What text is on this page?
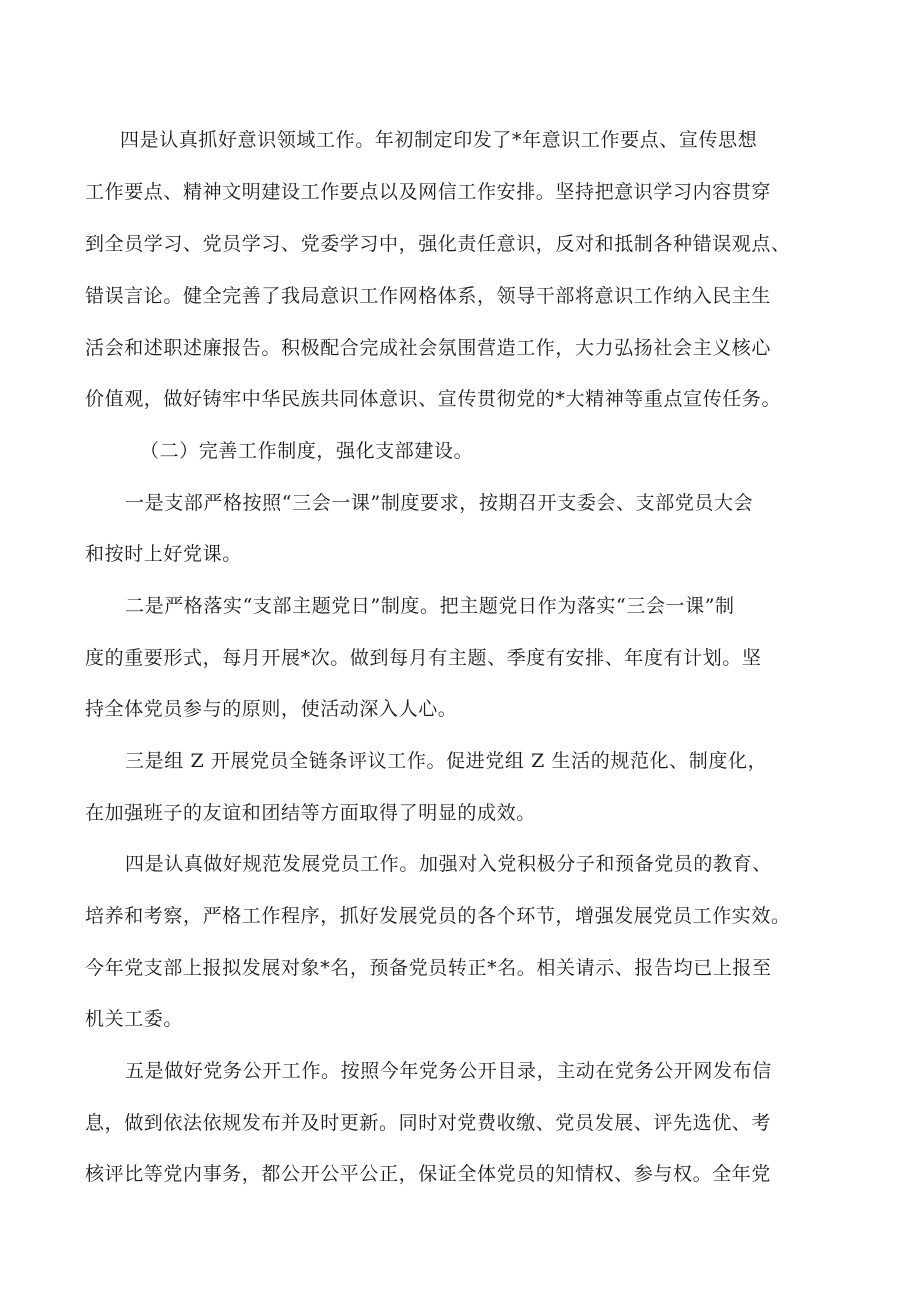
四是认真抓好意识领域工作。年初制定印发了*年意识工作要点、宣传思想
工作要点、精神文明建设工作要点以及网信工作安排。坚持把意识学习内容贯穿
到全员学习、党员学习、党委学习中，强化责任意识，反对和抵制各种错误观点、
错误言论。健全完善了我局意识工作网格体系，领导干部将意识工作纳入民主生
活会和述职述廉报告。积极配合完成社会氛围营造工作，大力弘扬社会主义核心
价值观，做好铸牢中华民族共同体意识、宣传贯彻党的*大精神等重点宣传任务。
（二）完善工作制度，强化支部建设。
一是支部严格按照“三会一课”制度要求，按期召开支委会、支部党员大会
和按时上好党课。
二是严格落实“支部主题党日”制度。把主题党日作为落实“三会一课”制
度的重要形式，每月开展*次。做到每月有主题、季度有安排、年度有计划。坚
持全体党员参与的原则，使活动深入人心。
三是组 Z 开展党员全链条评议工作。促进党组 Z 生活的规范化、制度化，
在加强班子的友谊和团结等方面取得了明显的成效。
四是认真做好规范发展党员工作。加强对入党积极分子和预备党员的教育、
培养和考察，严格工作程序，抓好发展党员的各个环节，增强发展党员工作实效。
今年党支部上报拟发展对象*名，预备党员转正*名。相关请示、报告均已上报至
机关工委。
五是做好党务公开工作。按照今年党务公开目录，主动在党务公开网发布信
息，做到依法依规发布并及时更新。同时对党费收缴、党员发展、评先选优、考
核评比等党内事务，都公开公平公正，保证全体党员的知情权、参与权。全年党
